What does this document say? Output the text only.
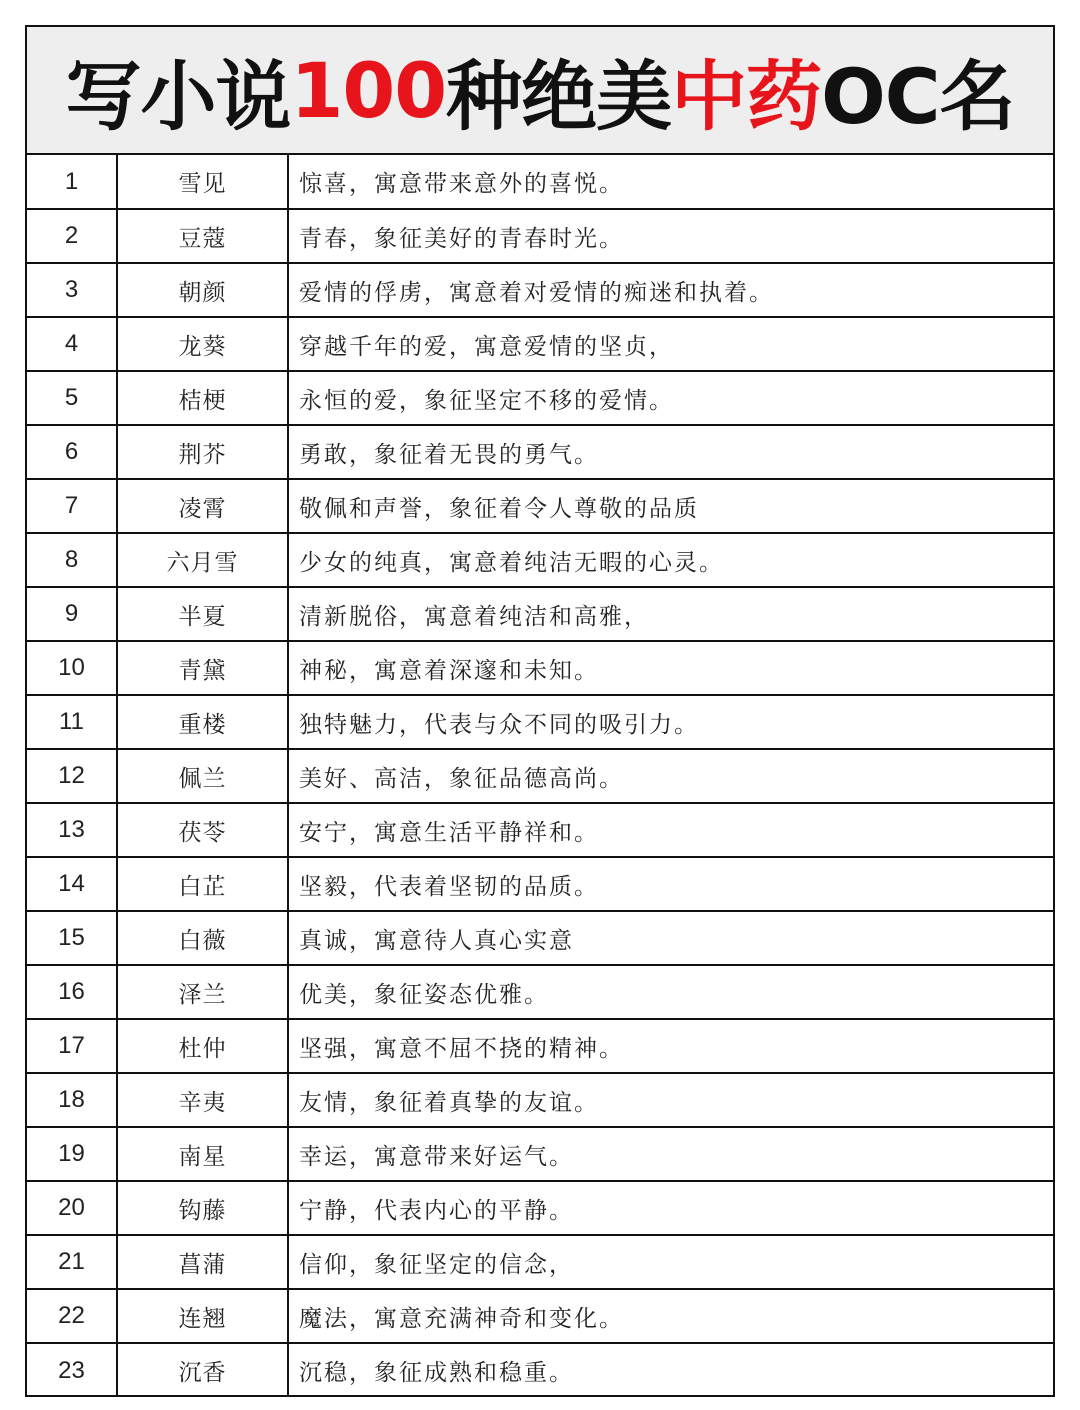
写小说 100 种绝美 中药 OC名
1	雪见	惊喜，寓意带来意外的喜悦。
2	豆蔻	青春，象征美好的青春时光。
3	朝颜	爱情的俘虏，寓意着对爱情的痴迷和执着。
4	龙葵	穿越千年的爱，寓意爱情的坚贞，
5	桔梗	永恒的爱，象征坚定不移的爱情。
6	荆芥	勇敢，象征着无畏的勇气。
7	凌霄	敬佩和声誉，象征着令人尊敬的品质
8	六月雪	少女的纯真，寓意着纯洁无暇的心灵。
9	半夏	清新脱俗，寓意着纯洁和高雅，
10	青黛	神秘，寓意着深邃和未知。
11	重楼	独特魅力，代表与众不同的吸引力。
12	佩兰	美好、高洁，象征品德高尚。
13	茯苓	安宁，寓意生活平静祥和。
14	白芷	坚毅，代表着坚韧的品质。
15	白薇	真诚，寓意待人真心实意
16	泽兰	优美，象征姿态优雅。
17	杜仲	坚强，寓意不屈不挠的精神。
18	辛夷	友情，象征着真挚的友谊。
19	南星	幸运，寓意带来好运气。
20	钩藤	宁静，代表内心的平静。
21	菖蒲	信仰，象征坚定的信念，
22	连翘	魔法，寓意充满神奇和变化。
23	沉香	沉稳，象征成熟和稳重。
